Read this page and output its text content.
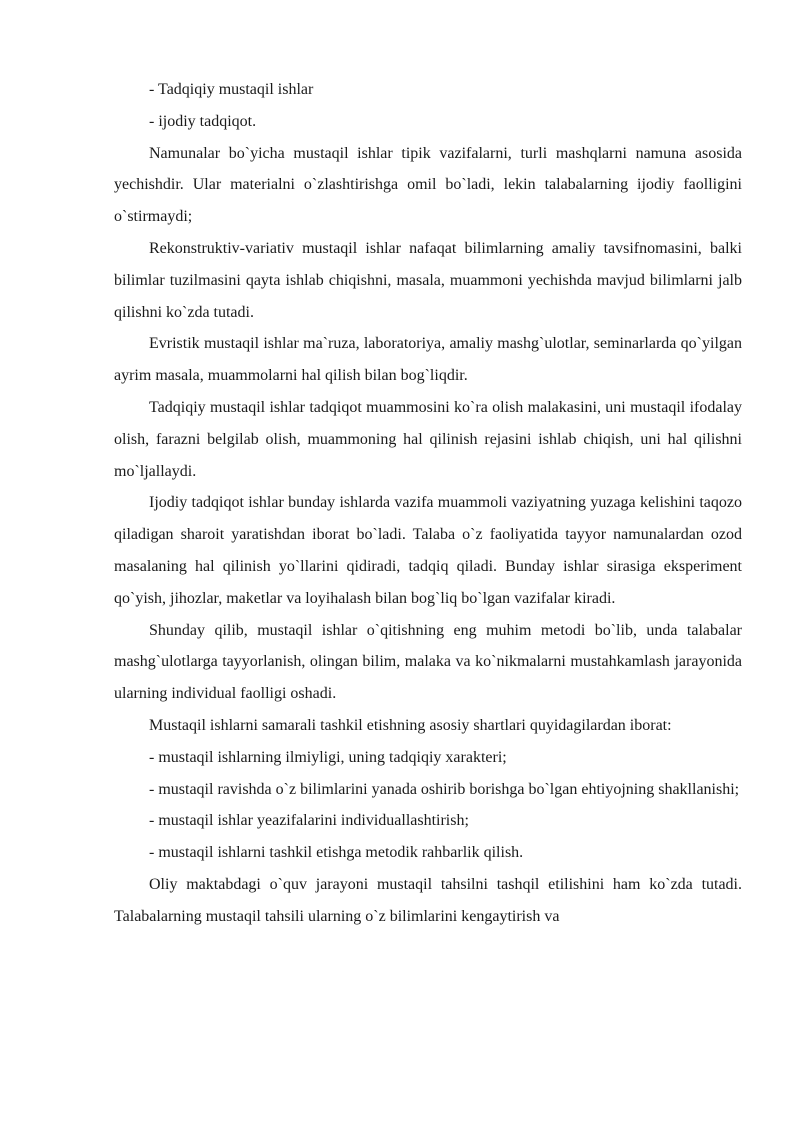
- Tadqiqiy mustaqil ishlar

- ijodiy tadqiqot.

Namunalar bo`yicha mustaqil ishlar tipik vazifalarni, turli mashqlarni namuna asosida yechishdir. Ular materialni o`zlashtirishga omil bo`ladi, lekin talabalarning ijodiy faolligini o`stirmaydi;

Rekonstruktiv-variativ mustaqil ishlar nafaqat bilimlarning amaliy tavsifnomasini, balki bilimlar tuzilmasini qayta ishlab chiqishni, masala, muammoni yechishda mavjud bilimlarni jalb qilishni ko`zda tutadi.

Evristik mustaqil ishlar ma`ruza, laboratoriya, amaliy mashg`ulotlar, seminarlarda qo`yilgan ayrim masala, muammolarni hal qilish bilan bog`liqdir.

Tadqiqiy mustaqil ishlar tadqiqot muammosini ko`ra olish malakasini, uni mustaqil ifodalay olish, farazni belgilab olish, muammoning hal qilinish rejasini ishlab chiqish, uni hal qilishni mo`ljallaydi.

Ijodiy tadqiqot ishlar bunday ishlarda vazifa muammoli vaziyatning yuzaga kelishini taqozo qiladigan sharoit yaratishdan iborat bo`ladi. Talaba o`z faoliyatida tayyor namunalardan ozod masalaning hal qilinish yo`llarini qidiradi, tadqiq qiladi. Bunday ishlar sirasiga eksperiment qo`yish, jihozlar, maketlar va loyihalash bilan bog`liq bo`lgan vazifalar kiradi.

Shunday qilib, mustaqil ishlar o`qitishning eng muhim metodi bo`lib, unda talabalar mashg`ulotlarga tayyorlanish, olingan bilim, malaka va ko`nikmalarni mustahkamlash jarayonida ularning individual faolligi oshadi.

Mustaqil ishlarni samarali tashkil etishning asosiy shartlari quyidagilardan iborat:

- mustaqil ishlarning ilmiyligi, uning tadqiqiy xarakteri;

- mustaqil ravishda o`z bilimlarini yanada oshirib borishga bo`lgan ehtiyojning shakllanishi;

- mustaqil ishlar yeazifalarini individuallashtirish;

- mustaqil ishlarni tashkil etishga metodik rahbarlik qilish.

Oliy maktabdagi o`quv jarayoni mustaqil tahsilni tashqil etilishini ham ko`zda tutadi. Talabalarning mustaqil tahsili ularning o`z bilimlarini kengaytirish va
